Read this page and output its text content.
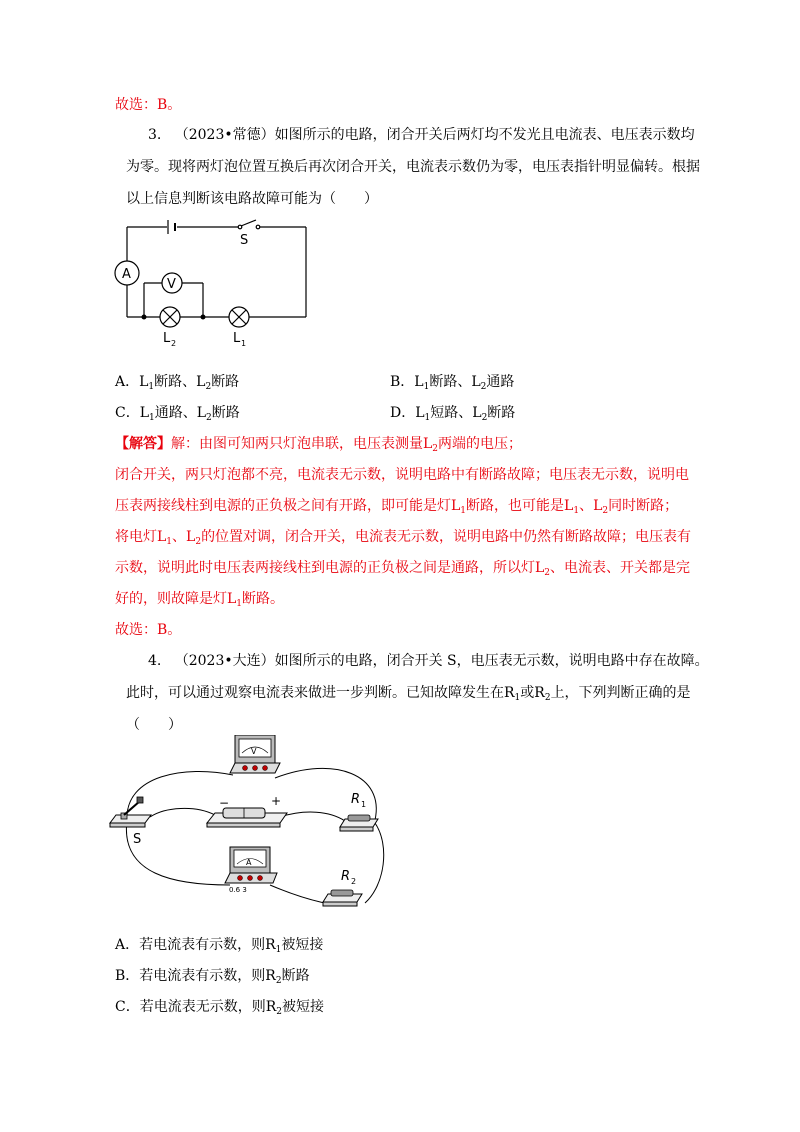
故选：B。
3. （2023•常德）如图所示的电路，闭合开关后两灯均不发光且电流表、电压表示数均
为零。现将两灯泡位置互换后再次闭合开关，电流表示数仍为零，电压表指针明显偏转。根据
以上信息判断该电路故障可能为（　　）
S
A
V
L 2	L 1
A．$L_1$断路、$L_2$断路	B．$L_1$断路、$L_2$通路
C．$L_1$通路、$L_2$断路	D．$L_1$短路、$L_2$断路
【解答】解：由图可知两只灯泡串联，电压表测量$L_2$两端的电压；
闭合开关，两只灯泡都不亮，电流表无示数，说明电路中有断路故障；电压表无示数，说明电
压表两接线柱到电源的正负极之间有开路，即可能是灯$L_1$断路，也可能是$L_1$、$L_2$同时断路；
将电灯$L_1$、$L_2$的位置对调，闭合开关，电流表无示数，说明电路中仍然有断路故障；电压表有
示数，说明此时电压表两接线柱到电源的正负极之间是通路，所以灯$L_2$、电流表、开关都是完
好的，则故障是灯$L_1$断路。
故选：B。
4. （2023•大连）如图所示的电路，闭合开关 S，电压表无示数，说明电路中存在故障。
此时，可以通过观察电流表来做进一步判断。已知故障发生在$R_1$或$R_2$上，下列判断正确的是
（　　）
S
−	+
V
A
0.6 3
R 1
R 2
A．若电流表有示数，则$R_1$被短接
B．若电流表有示数，则$R_2$断路
C．若电流表无示数，则$R_2$被短接
